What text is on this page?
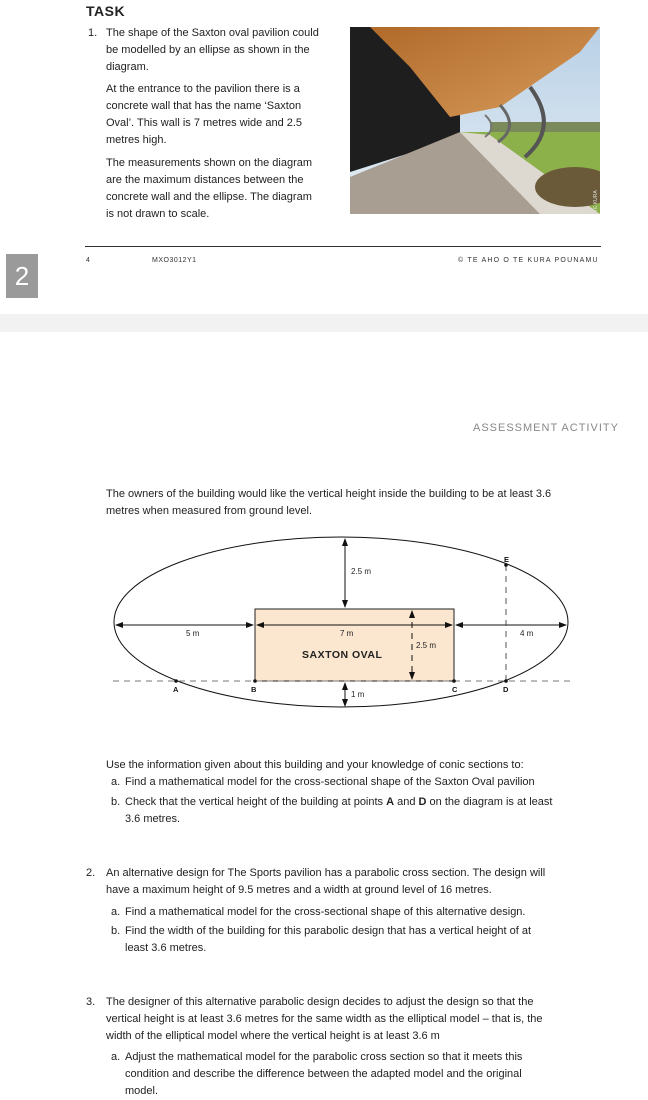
TASK
1. The shape of the Saxton oval pavilion could
be modelled by an ellipse as shown in the
diagram.
At the entrance to the pavilion there is a
concrete wall that has the name ‘Saxton
Oval’. This wall is 7 metres wide and 2.5
metres high.
The measurements shown on the diagram
are the maximum distances between the
concrete wall and the ellipse. The diagram
is not drawn to scale.
TE KURA
4	MXO3012Y1	© TE AHO O TE KURA POUNAMU
2
ASSESSMENT ACTIVITY
The owners of the building would like the vertical height inside the building to be at least 3.6
metres when measured from ground level.
2.5 m
5 m	7 m	4 m
2.5 m
1 m
SAXTON OVAL
A	B	C	D
E
Use the information given about this building and your knowledge of conic sections to:
a. Find a mathematical model for the cross-sectional shape of the Saxton Oval pavilion
b. Check that the vertical height of the building at points A and D on the diagram is at least
3.6 metres.
2. An alternative design for The Sports pavilion has a parabolic cross section. The design will
have a maximum height of 9.5 metres and a width at ground level of 16 metres.
a. Find a mathematical model for the cross-sectional shape of this alternative design.
b. Find the width of the building for this parabolic design that has a vertical height of at
least 3.6 metres.
3. The designer of this alternative parabolic design decides to adjust the design so that the
vertical height is at least 3.6 metres for the same width as the elliptical model – that is, the
width of the elliptical model where the vertical height is at least 3.6 m
a. Adjust the mathematical model for the parabolic cross section so that it meets this
condition and describe the difference between the adapted model and the original
model.
